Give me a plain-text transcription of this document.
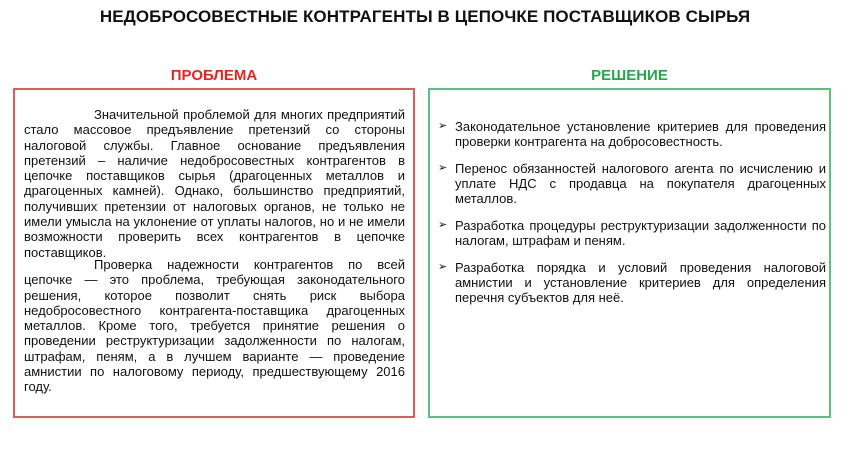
НЕДОБРОСОВЕСТНЫЕ КОНТРАГЕНТЫ В ЦЕПОЧКЕ ПОСТАВЩИКОВ СЫРЬЯ
ПРОБЛЕМА	РЕШЕНИЕ

Значительной проблемой для многих предприятий стало массовое предъявление претензий со стороны налоговой службы. Главное основание предъявления претензий – наличие недобросовестных контрагентов в цепочке поставщиков сырья (драгоценных металлов и драгоценных камней). Однако, большинство предприятий, получивших претензии от налоговых органов, не только не имели умысла на уклонение от уплаты налогов, но и не имели возможности проверить всех контрагентов в цепочке поставщиков.

Проверка надежности контрагентов по всей цепочке — это проблема, требующая законодательного решения, которое позволит снять риск выбора недобросовестного контрагента-поставщика драгоценных металлов. Кроме того, требуется принятие решения о проведении реструктуризации задолженности по налогам, штрафам, пеням, а в лучшем варианте — проведение амнистии по налоговому периоду, предшествующему 2016 году.

➢ Законодательное установление критериев для проведения проверки контрагента на добросовестность.
➢ Перенос обязанностей налогового агента по исчислению и уплате НДС с продавца на покупателя драгоценных металлов.
➢ Разработка процедуры реструктуризации задолженности по налогам, штрафам и пеням.
➢ Разработка порядка и условий проведения налоговой амнистии и установление критериев для определения перечня субъектов для неё.
